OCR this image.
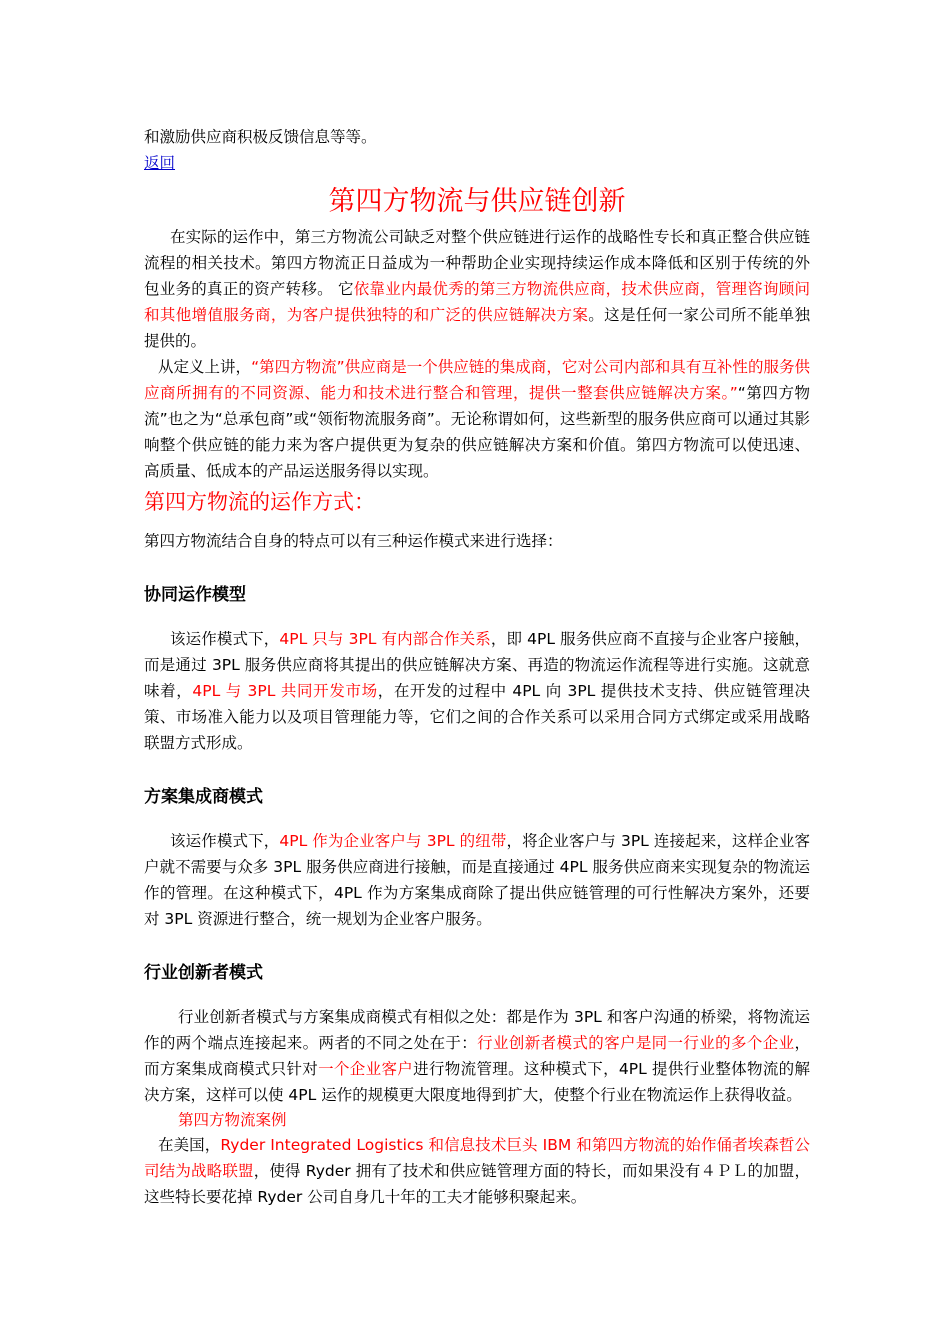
和激励供应商积极反馈信息等等。

返回
第四方物流与供应链创新

在实际的运作中，第三方物流公司缺乏对整个供应链进行运作的战略性专长和真正整合供应链流程的相关技术。第四方物流正日益成为一种帮助企业实现持续运作成本降低和区别于传统的外包业务的真正的资产转移。 它依靠业内最优秀的第三方物流供应商，技术供应商，管理咨询顾问和其他增值服务商，为客户提供独特的和广泛的供应链解决方案。这是任何一家公司所不能单独提供的。

从定义上讲，“第四方物流”供应商是一个供应链的集成商，它对公司内部和具有互补性的服务供应商所拥有的不同资源、能力和技术进行整合和管理，提供一整套供应链解决方案。”“第四方物流”也之为“总承包商”或“领衔物流服务商”。无论称谓如何，这些新型的服务供应商可以通过其影响整个供应链的能力来为客户提供更为复杂的供应链解决方案和价值。第四方物流可以使迅速、高质量、低成本的产品运送服务得以实现。

第四方物流的运作方式：

第四方物流结合自身的特点可以有三种运作模式来进行选择：

协同运作模型

该运作模式下，4PL 只与 3PL 有内部合作关系，即 4PL 服务供应商不直接与企业客户接触，而是通过 3PL 服务供应商将其提出的供应链解决方案、再造的物流运作流程等进行实施。这就意味着，4PL 与 3PL 共同开发市场，在开发的过程中 4PL 向 3PL 提供技术支持、供应链管理决策、市场准入能力以及项目管理能力等，它们之间的合作关系可以采用合同方式绑定或采用战略联盟方式形成。

方案集成商模式

该运作模式下，4PL 作为企业客户与 3PL 的纽带，将企业客户与 3PL 连接起来，这样企业客户就不需要与众多 3PL 服务供应商进行接触，而是直接通过 4PL 服务供应商来实现复杂的物流运作的管理。在这种模式下，4PL 作为方案集成商除了提出供应链管理的可行性解决方案外，还要对 3PL 资源进行整合，统一规划为企业客户服务。

行业创新者模式

行业创新者模式与方案集成商模式有相似之处：都是作为 3PL 和客户沟通的桥梁，将物流运作的两个端点连接起来。两者的不同之处在于：行业创新者模式的客户是同一行业的多个企业，而方案集成商模式只针对一个企业客户进行物流管理。这种模式下，4PL 提供行业整体物流的解决方案，这样可以使 4PL 运作的规模更大限度地得到扩大，使整个行业在物流运作上获得收益。

第四方物流案例

在美国，Ryder Integrated Logistics 和信息技术巨头 IBM 和第四方物流的始作俑者埃森哲公司结为战略联盟，使得 Ryder 拥有了技术和供应链管理方面的特长，而如果没有４ＰＬ的加盟，这些特长要花掉 Ryder 公司自身几十年的工夫才能够积聚起来。
